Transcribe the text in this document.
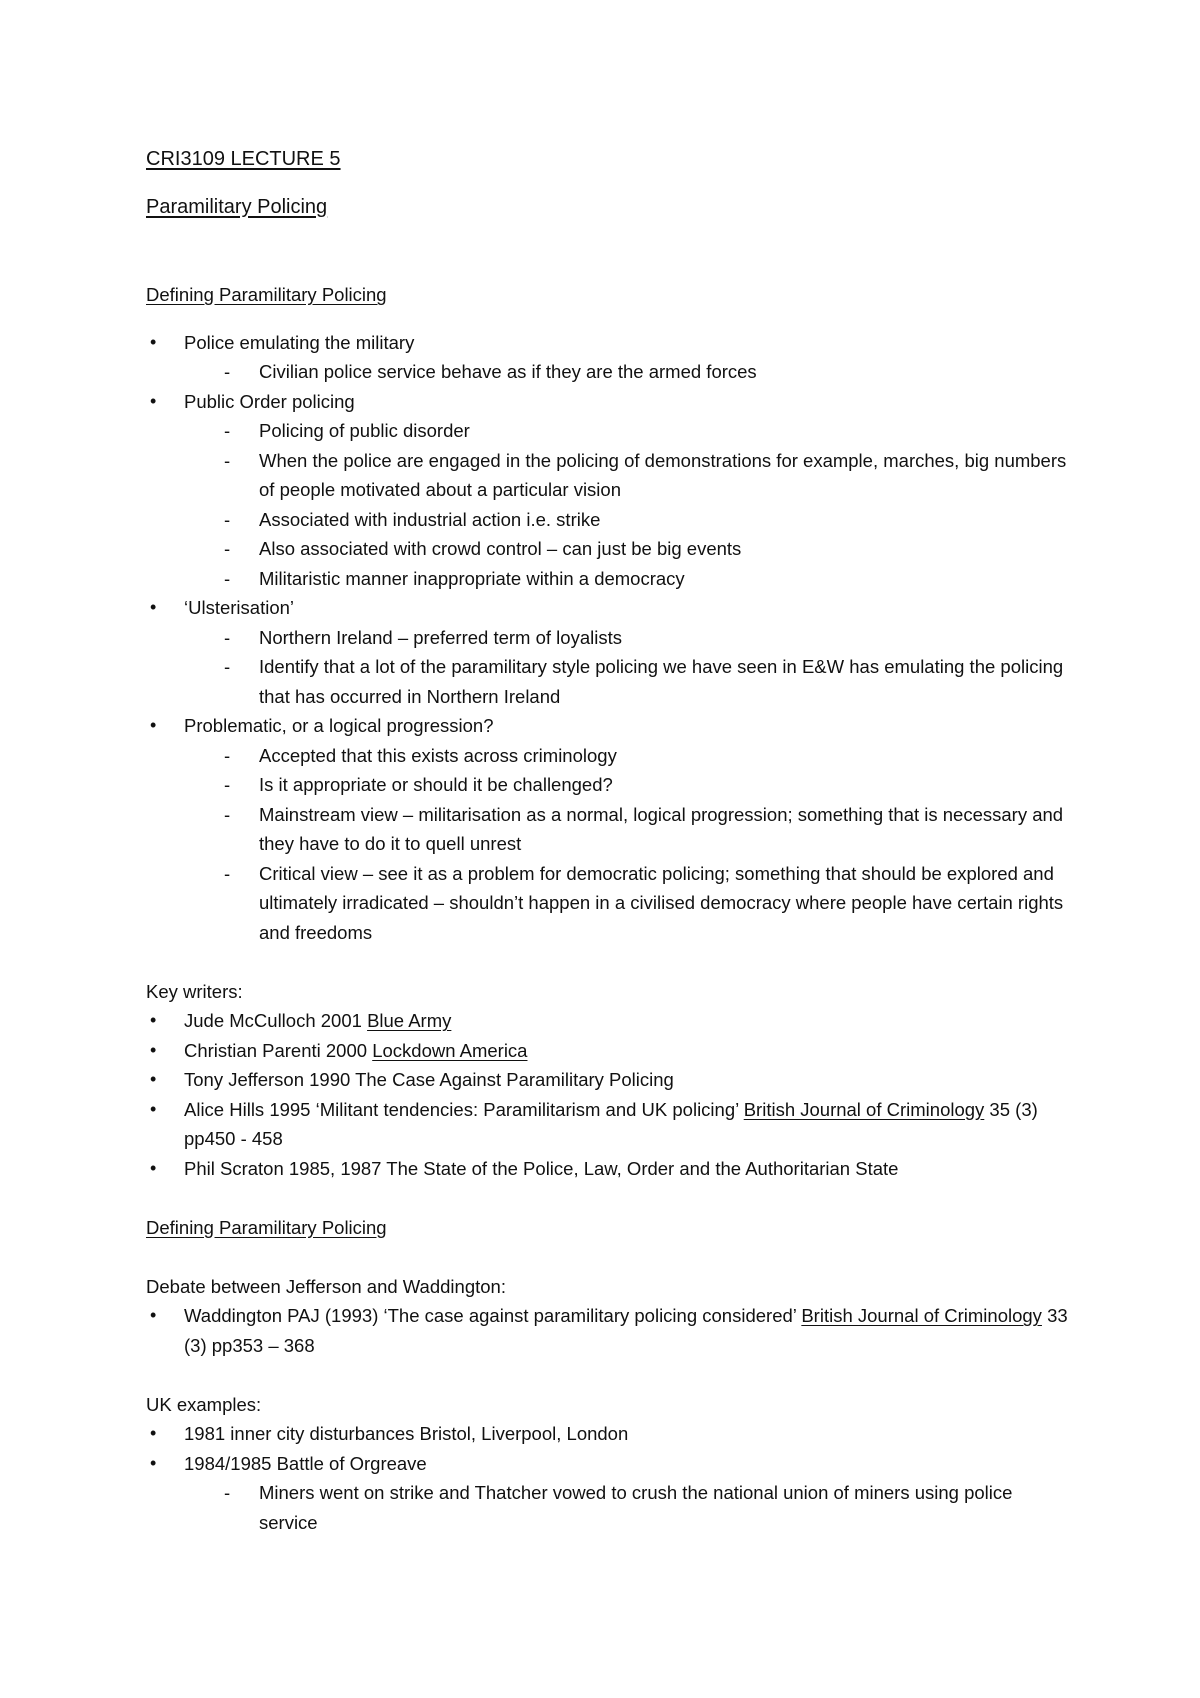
CRI3109 LECTURE 5
Paramilitary Policing
Defining Paramilitary Policing
• Police emulating the military
- Civilian police service behave as if they are the armed forces
• Public Order policing
- Policing of public disorder
- When the police are engaged in the policing of demonstrations for example, marches, big numbers of people motivated about a particular vision
- Associated with industrial action i.e. strike
- Also associated with crowd control – can just be big events
- Militaristic manner inappropriate within a democracy
• ‘Ulsterisation’
- Northern Ireland – preferred term of loyalists
- Identify that a lot of the paramilitary style policing we have seen in E&W has emulating the policing that has occurred in Northern Ireland
• Problematic, or a logical progression?
- Accepted that this exists across criminology
- Is it appropriate or should it be challenged?
- Mainstream view – militarisation as a normal, logical progression; something that is necessary and they have to do it to quell unrest
- Critical view – see it as a problem for democratic policing; something that should be explored and ultimately irradicated – shouldn’t happen in a civilised democracy where people have certain rights and freedoms
Key writers:
• Jude McCulloch 2001 Blue Army
• Christian Parenti 2000 Lockdown America
• Tony Jefferson 1990 The Case Against Paramilitary Policing
• Alice Hills 1995 ‘Militant tendencies: Paramilitarism and UK policing’ British Journal of Criminology 35 (3) pp450 - 458
• Phil Scraton 1985, 1987 The State of the Police, Law, Order and the Authoritarian State
Defining Paramilitary Policing
Debate between Jefferson and Waddington:
• Waddington PAJ (1993) ‘The case against paramilitary policing considered’ British Journal of Criminology 33 (3) pp353 – 368
UK examples:
• 1981 inner city disturbances Bristol, Liverpool, London
• 1984/1985 Battle of Orgreave
- Miners went on strike and Thatcher vowed to crush the national union of miners using police service
